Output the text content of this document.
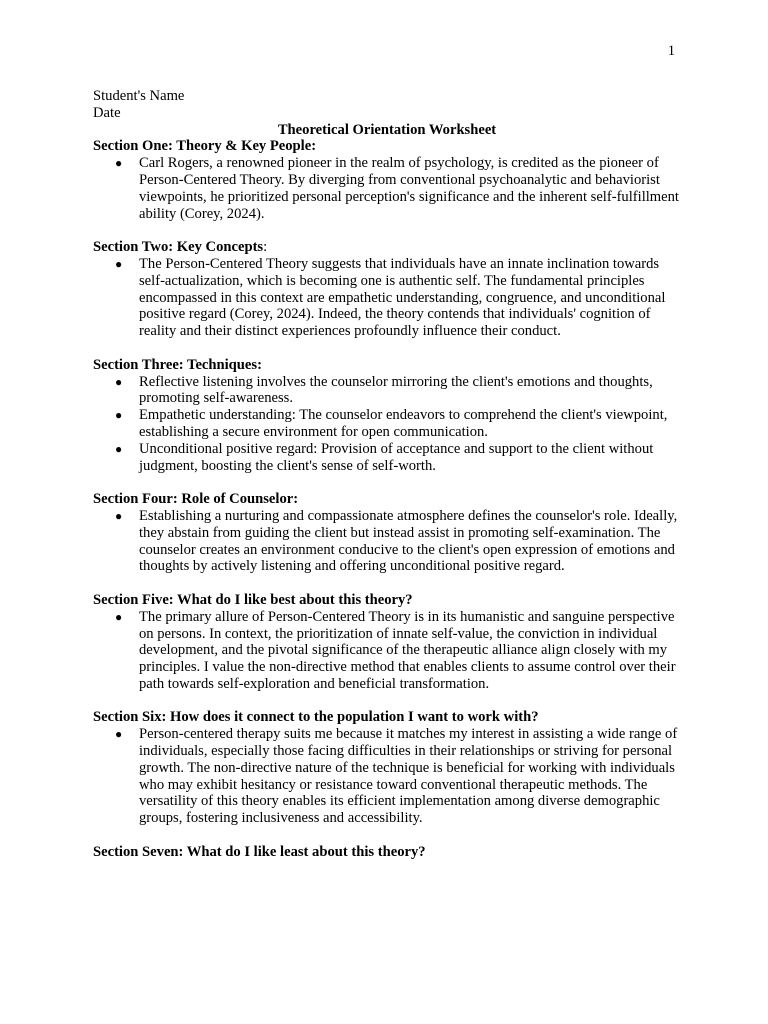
1

Student's Name

Date

Theoretical Orientation Worksheet

Section One: Theory & Key People:

● Carl Rogers, a renowned pioneer in the realm of psychology, is credited as the pioneer of Person-Centered Theory. By diverging from conventional psychoanalytic and behaviorist viewpoints, he prioritized personal perception's significance and the inherent self-fulfillment ability (Corey, 2024).

Section Two: Key Concepts:

● The Person-Centered Theory suggests that individuals have an innate inclination towards self-actualization, which is becoming one is authentic self. The fundamental principles encompassed in this context are empathetic understanding, congruence, and unconditional positive regard (Corey, 2024). Indeed, the theory contends that individuals' cognition of reality and their distinct experiences profoundly influence their conduct.

Section Three: Techniques:

● Reflective listening involves the counselor mirroring the client's emotions and thoughts, promoting self-awareness.
● Empathetic understanding: The counselor endeavors to comprehend the client's viewpoint, establishing a secure environment for open communication.
● Unconditional positive regard: Provision of acceptance and support to the client without judgment, boosting the client's sense of self-worth.

Section Four: Role of Counselor:

● Establishing a nurturing and compassionate atmosphere defines the counselor's role. Ideally, they abstain from guiding the client but instead assist in promoting self-examination. The counselor creates an environment conducive to the client's open expression of emotions and thoughts by actively listening and offering unconditional positive regard.

Section Five: What do I like best about this theory?

● The primary allure of Person-Centered Theory is in its humanistic and sanguine perspective on persons. In context, the prioritization of innate self-value, the conviction in individual development, and the pivotal significance of the therapeutic alliance align closely with my principles. I value the non-directive method that enables clients to assume control over their path towards self-exploration and beneficial transformation.

Section Six: How does it connect to the population I want to work with?

● Person-centered therapy suits me because it matches my interest in assisting a wide range of individuals, especially those facing difficulties in their relationships or striving for personal growth. The non-directive nature of the technique is beneficial for working with individuals who may exhibit hesitancy or resistance toward conventional therapeutic methods. The versatility of this theory enables its efficient implementation among diverse demographic groups, fostering inclusiveness and accessibility.

Section Seven: What do I like least about this theory?
